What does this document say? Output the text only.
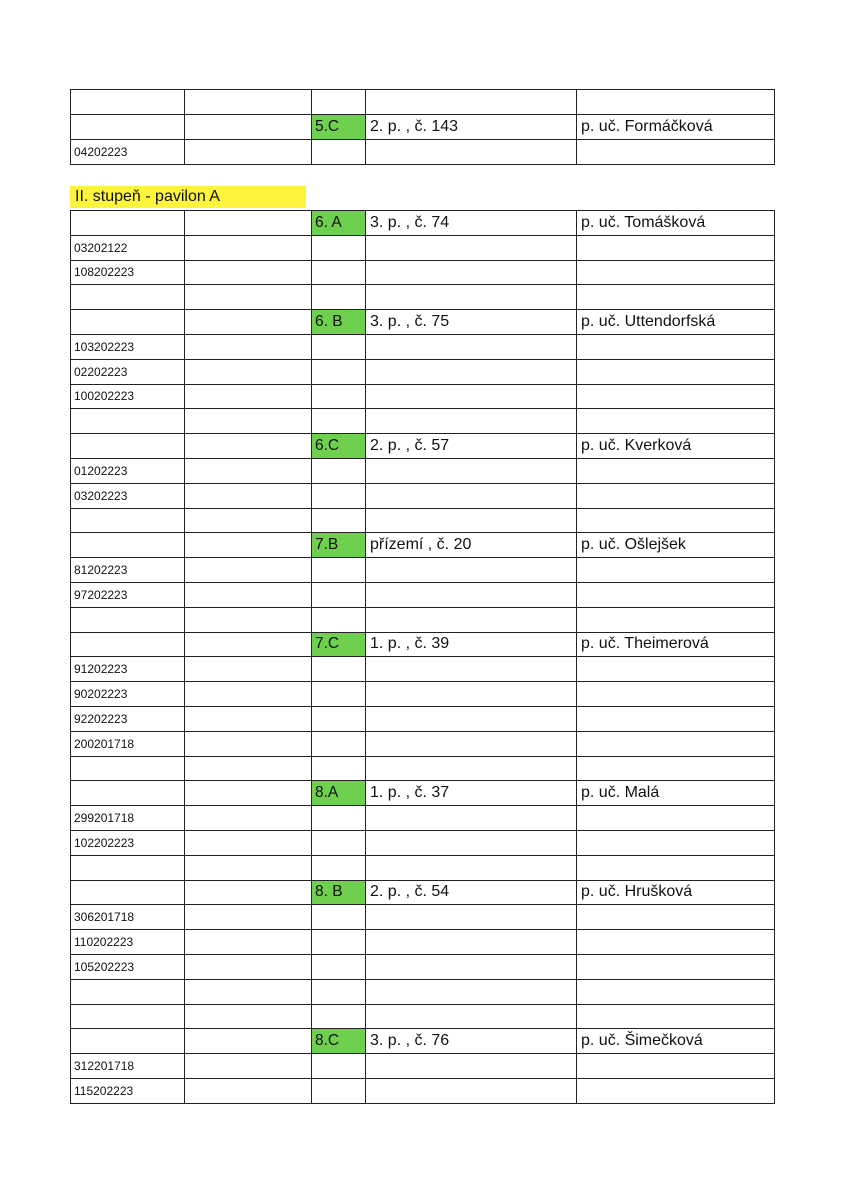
		5.C	2. p. , č. 143	p. uč. Formáčková
04202223				
II. stupeň - pavilon A
		6. A	3. p. , č. 74	p. uč. Tomášková
03202122				
108202223				

		6. B	3. p. , č. 75	p. uč. Uttendorfská
103202223				
02202223				
100202223				

		6.C	2. p. , č. 57	p. uč. Kverková
01202223				
03202223				

		7.B	přízemí , č. 20	p. uč. Ošlejšek
81202223				
97202223				

		7.C	1. p. , č. 39	p. uč. Theimerová
91202223				
90202223				
92202223				
200201718				

		8.A	1. p. , č. 37	p. uč. Malá
299201718				
102202223				

		8. B	2. p. , č. 54	p. uč. Hrušková
306201718				
110202223				
105202223				

		8.C	3. p. , č. 76	p. uč. Šimečková
312201718				
115202223				
